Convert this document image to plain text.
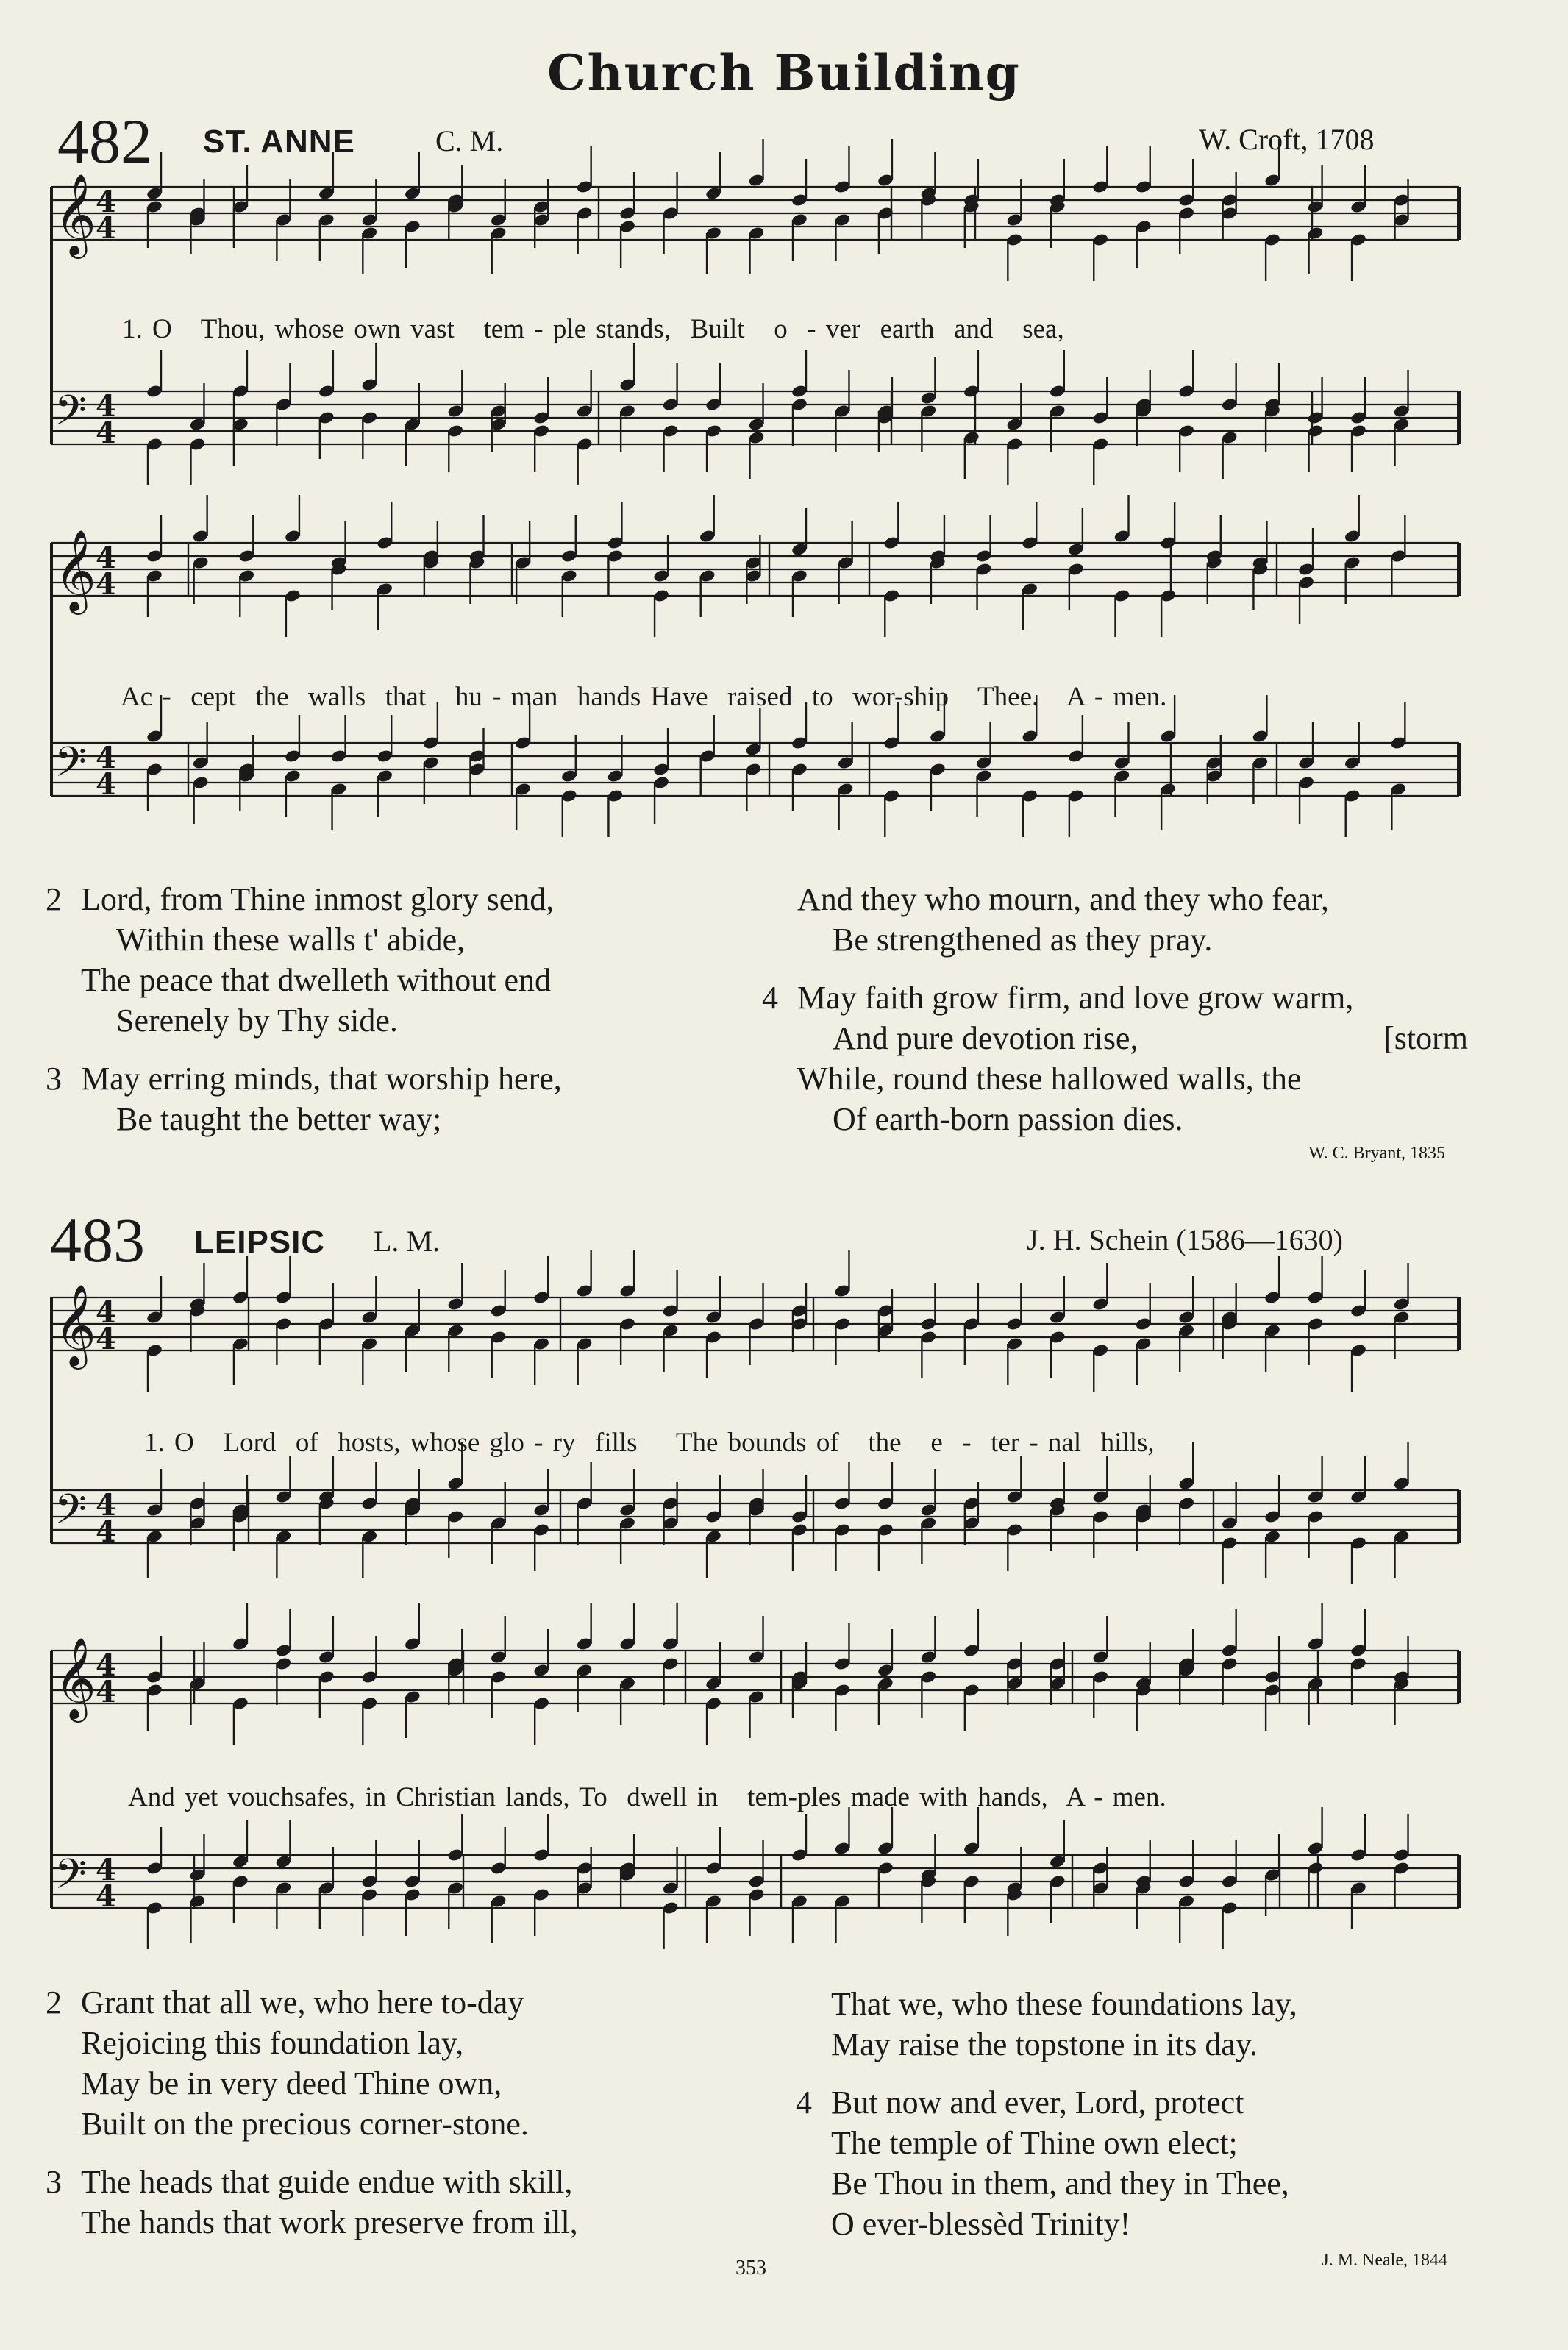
Church Building
482 ST. ANNE	C. M.	W. Croft, 1708
𝄞 4
4
𝄢 4
4
1. O   Thou, whose own vast   tem - ple stands,  Built   o  - ver  earth  and   sea,
𝄞 4
4
𝄢 4
4
Ac -  cept  the  walls  that   hu - man  hands Have  raised  to  wor-ship   Thee.   A - men.
2 Lord, from Thine inmost glory send,
Within these walls t' abide,
The peace that dwelleth without end
Serenely by Thy side.
3 May erring minds, that worship here,
Be taught the better way;
And they who mourn, and they who fear,
Be strengthened as they pray.
4 May faith grow firm, and love grow warm,
And pure devotion rise,	[storm
While, round these hallowed walls, the
Of earth-born passion dies.
W. C. Bryant, 1835
483 LEIPSIC L. M.	J. H. Schein (1586—1630)
𝄞 4
4
𝄢 4
4
1. O   Lord  of  hosts, whose glo - ry  fills    The bounds of   the   e  -  ter - nal  hills,
𝄞 4
4
𝄢 4
4
And yet vouchsafes, in Christian lands, To  dwell in   tem-ples made with hands,  A - men.
2 Grant that all we, who here to-day
Rejoicing this foundation lay,
May be in very deed Thine own,
Built on the precious corner-stone.
3 The heads that guide endue with skill,
The hands that work preserve from ill,
That we, who these foundations lay,
May raise the topstone in its day.
4 But now and ever, Lord, protect
The temple of Thine own elect;
Be Thou in them, and they in Thee,
O ever-blessèd Trinity!
353	J. M. Neale, 1844
